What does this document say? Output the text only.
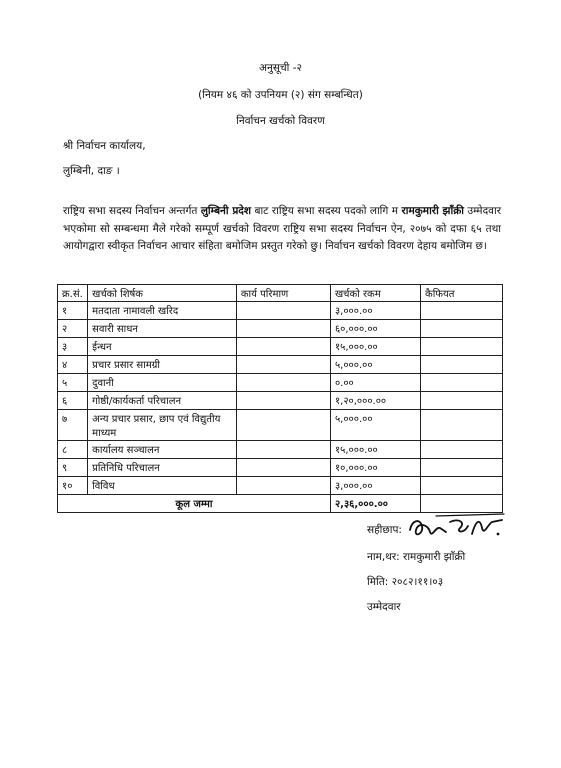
अनुसूची -२
(नियम ४६ को उपनियम (२) संग सम्बन्धित)
निर्वाचन खर्चको विवरण
श्री निर्वाचन कार्यालय,
लुम्बिनी, दाङ ।
राष्ट्रिय सभा सदस्य निर्वाचन अन्तर्गत लुम्बिनी प्रदेश बाट राष्ट्रिय सभा सदस्य पदको लागि म रामकुमारी झाँक्री उम्मेदवार भएकोमा सो सम्बन्धमा मैले गरेको सम्पूर्ण खर्चको विवरण राष्ट्रिय सभा सदस्य निर्वाचन ऐन, २०७५ को दफा ६५ तथा आयोगद्वारा स्वीकृत निर्वाचन आचार संहिता बमोजिम प्रस्तुत गरेको छु। निर्वाचन खर्चको विवरण देहाय बमोजिम छ।
क्र.सं.	खर्चको शिर्षक	कार्य परिमाण	खर्चको रकम	कैफियत
१	मतदाता नामावली खरिद		३,०००.००	
२	सवारी साधन		६०,०००.००	
३	ईन्धन		१५,०००.००	
४	प्रचार प्रसार सामग्री		५,०००.००	
५	दुवानी		०.००	
६	गोष्ठी/कार्यकर्ता परिचालन		१,२०,०००.००	
७	अन्य प्रचार प्रसार, छाप एवं विद्युतीय माध्यम		५,०००.००	
८	कार्यालय सञ्चालन		१५,०००.००	
९	प्रतिनिधि परिचालन		१०,०००.००	
१०	विविध		३,०००.००	
कूल जम्मा			२,३६,०००.००	
सहीछाप:
नाम,थर: रामकुमारी झाँक्री
मिति: २०८२।११।०३
उम्मेदवार
